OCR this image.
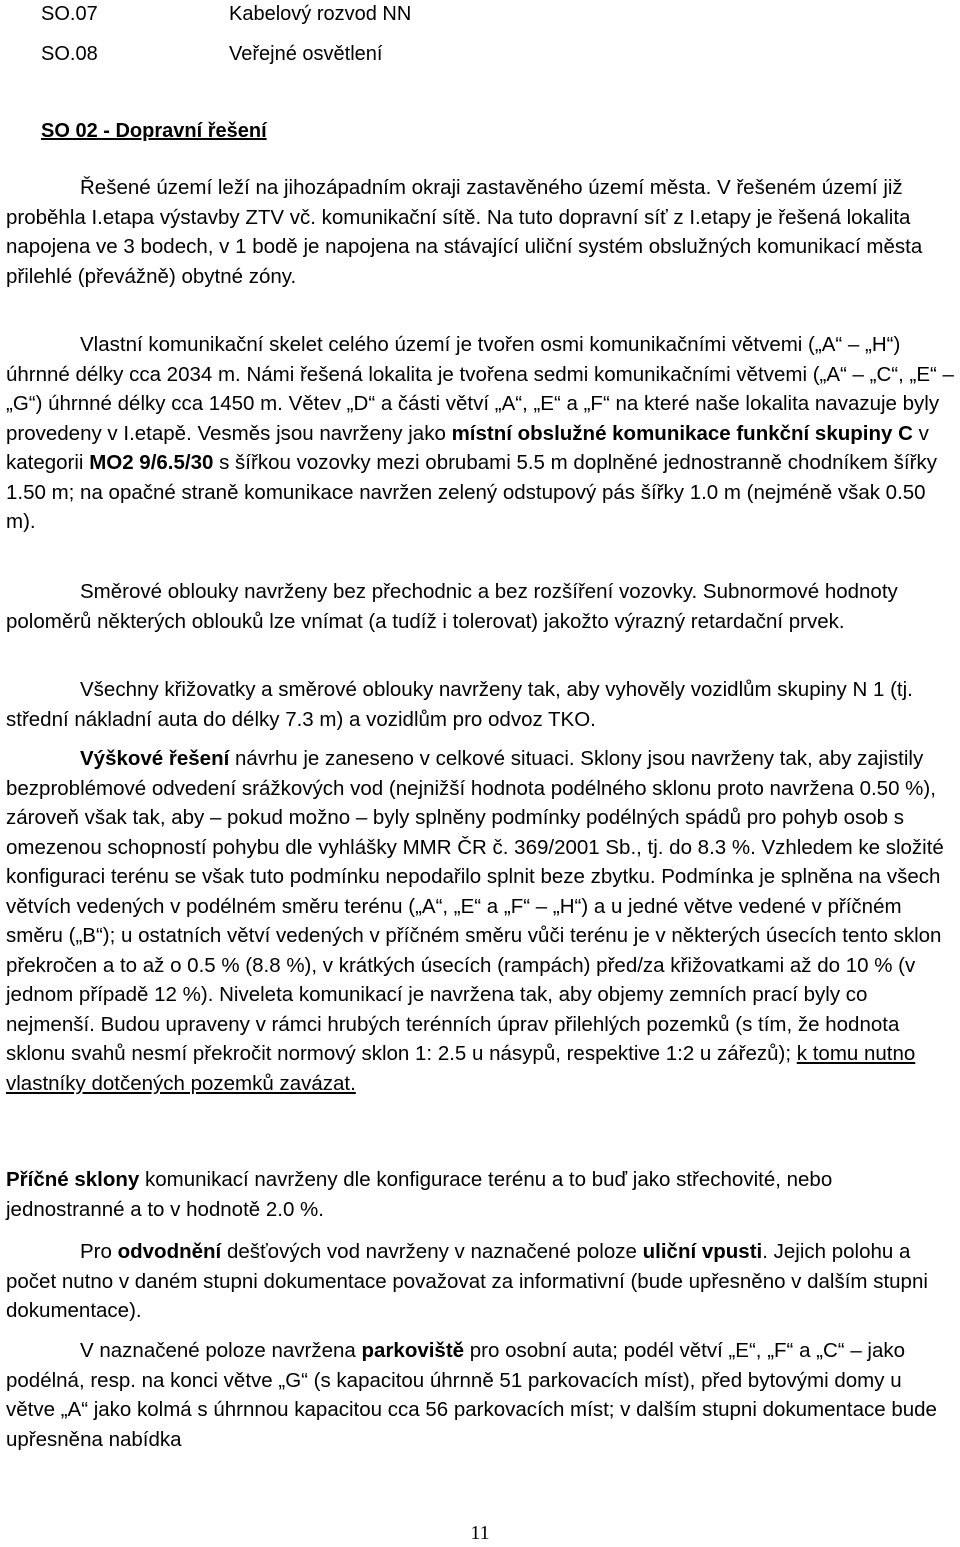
SO.07	Kabelový rozvod NN
SO.08	Veřejné osvětlení
SO 02 - Dopravní řešení

Řešené území leží na jihozápadním okraji zastavěného území města. V řešeném území již proběhla I.etapa výstavby ZTV vč. komunikační sítě. Na tuto dopravní síť z I.etapy je řešená lokalita napojena ve 3 bodech, v 1 bodě je napojena na stávající uliční systém obslužných komunikací města přilehlé (převážně) obytné zóny.

Vlastní komunikační skelet celého území je tvořen osmi komunikačními větvemi („A“ – „H“) úhrnné délky cca 2034 m. Námi řešená lokalita je tvořena sedmi komunikačními větvemi („A“ – „C“, „E“ – „G“) úhrnné délky cca 1450 m. Větev „D“ a části větví „A“, „E“ a „F“ na které naše lokalita navazuje byly provedeny v I.etapě. Vesměs jsou navrženy jako místní obslužné komunikace funkční skupiny C v kategorii MO2 9/6.5/30 s šířkou vozovky mezi obrubami 5.5 m doplněné jednostranně chodníkem šířky 1.50 m; na opačné straně komunikace navržen zelený odstupový pás šířky 1.0 m (nejméně však 0.50 m).

Směrové oblouky navrženy bez přechodnic a bez rozšíření vozovky. Subnormové hodnoty poloměrů některých oblouků lze vnímat (a tudíž i tolerovat) jakožto výrazný retardační prvek.

Všechny křižovatky a směrové oblouky navrženy tak, aby vyhověly vozidlům skupiny N 1 (tj. střední nákladní auta do délky 7.3 m) a vozidlům pro odvoz TKO.

Výškové řešení návrhu je zaneseno v celkové situaci. Sklony jsou navrženy tak, aby zajistily bezproblémové odvedení srážkových vod (nejnižší hodnota podélného sklonu proto navržena 0.50 %), zároveň však tak, aby – pokud možno – byly splněny podmínky podélných spádů pro pohyb osob s omezenou schopností pohybu dle vyhlášky MMR ČR č. 369/2001 Sb., tj. do 8.3 %. Vzhledem ke složité konfiguraci terénu se však tuto podmínku nepodařilo splnit beze zbytku. Podmínka je splněna na všech větvích vedených v podélném směru terénu („A“, „E“ a „F“ – „H“) a u jedné větve vedené v příčném směru („B“); u ostatních větví vedených v příčném směru vůči terénu je v některých úsecích tento sklon překročen a to až o 0.5 % (8.8 %), v krátkých úsecích (rampách) před/za křižovatkami až do 10 % (v jednom případě 12 %). Niveleta komunikací je navržena tak, aby objemy zemních prací byly co nejmenší. Budou upraveny v rámci hrubých terénních úprav přilehlých pozemků (s tím, že hodnota sklonu svahů nesmí překročit normový sklon 1: 2.5 u násypů, respektive 1:2 u zářezů); k tomu nutno vlastníky dotčených pozemků zavázat.

Příčné sklony komunikací navrženy dle konfigurace terénu a to buď jako střechovité, nebo jednostranné a to v hodnotě 2.0 %.

Pro odvodnění dešťových vod navrženy v naznačené poloze uliční vpusti. Jejich polohu a počet nutno v daném stupni dokumentace považovat za informativní (bude upřesněno v dalším stupni dokumentace).

V naznačené poloze navržena parkoviště pro osobní auta; podél větví „E“, „F“ a „C“ – jako podélná, resp. na konci větve „G“ (s kapacitou úhrnně 51 parkovacích míst), před bytovými domy u větve „A“ jako kolmá s úhrnnou kapacitou cca 56 parkovacích míst; v dalším stupni dokumentace bude upřesněna nabídka

11
